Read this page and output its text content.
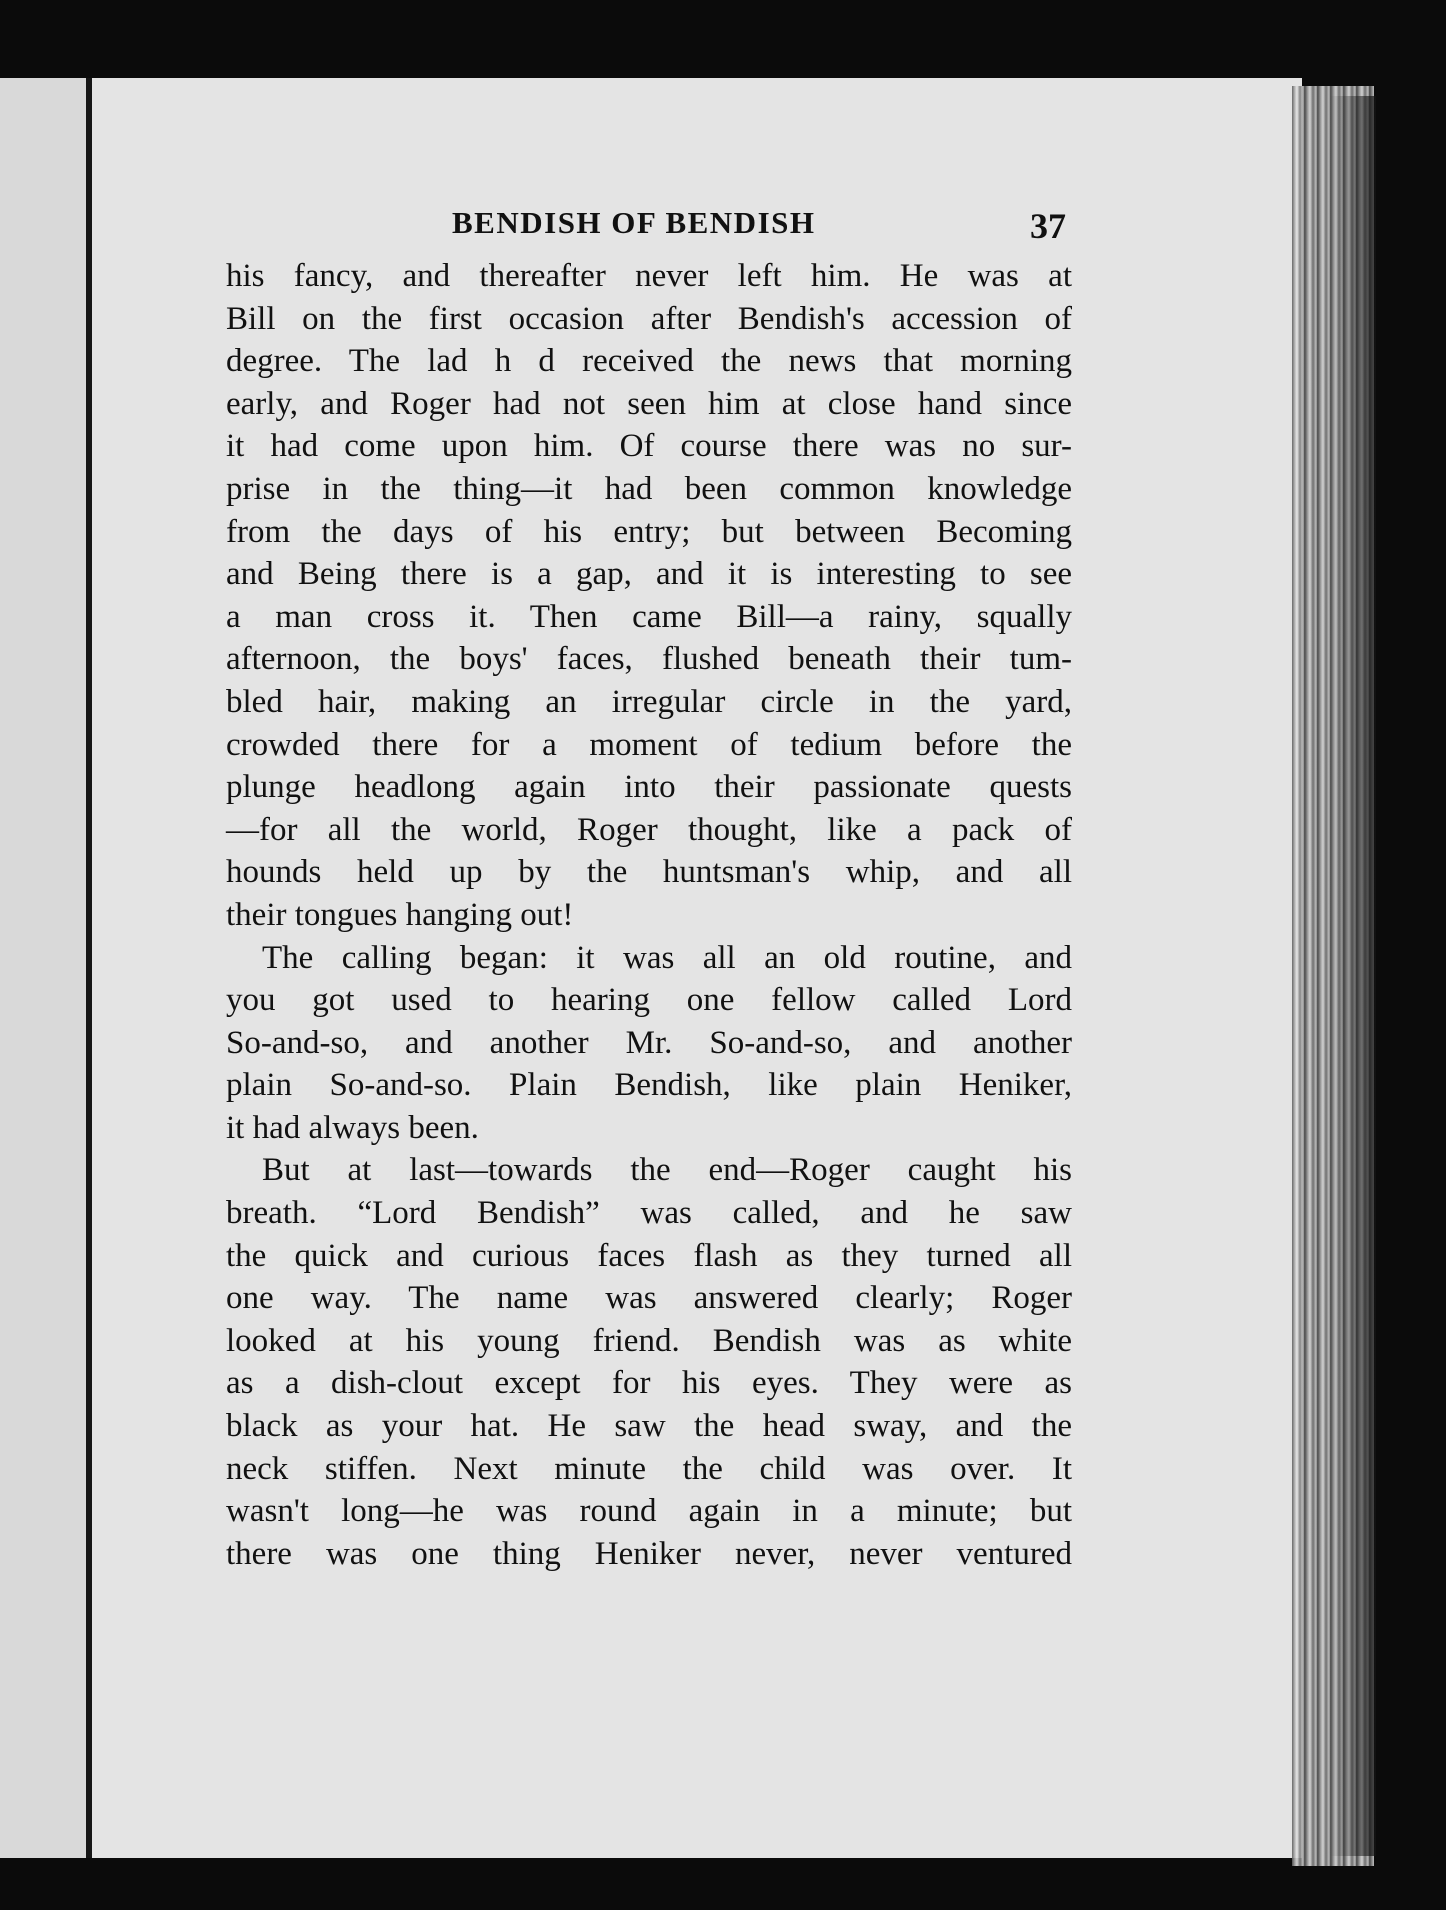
BENDISH OF BENDISH	37
his fancy, and thereafter never left him. He was at
Bill on the first occasion after Bendish's accession of
degree. The lad h d received the news that morning
early, and Roger had not seen him at close hand since
it had come upon him. Of course there was no sur-
prise in the thing—it had been common knowledge
from the days of his entry; but between Becoming
and Being there is a gap, and it is interesting to see
a man cross it. Then came Bill—a rainy, squally
afternoon, the boys' faces, flushed beneath their tum-
bled hair, making an irregular circle in the yard,
crowded there for a moment of tedium before the
plunge headlong again into their passionate quests
—for all the world, Roger thought, like a pack of
hounds held up by the huntsman's whip, and all
their tongues hanging out!
The calling began: it was all an old routine, and
you got used to hearing one fellow called Lord
So-and-so, and another Mr. So-and-so, and another
plain So-and-so. Plain Bendish, like plain Heniker,
it had always been.
But at last—towards the end—Roger caught his
breath. “Lord Bendish” was called, and he saw
the quick and curious faces flash as they turned all
one way. The name was answered clearly; Roger
looked at his young friend. Bendish was as white
as a dish-clout except for his eyes. They were as
black as your hat. He saw the head sway, and the
neck stiffen. Next minute the child was over. It
wasn't long—he was round again in a minute; but
there was one thing Heniker never, never ventured
